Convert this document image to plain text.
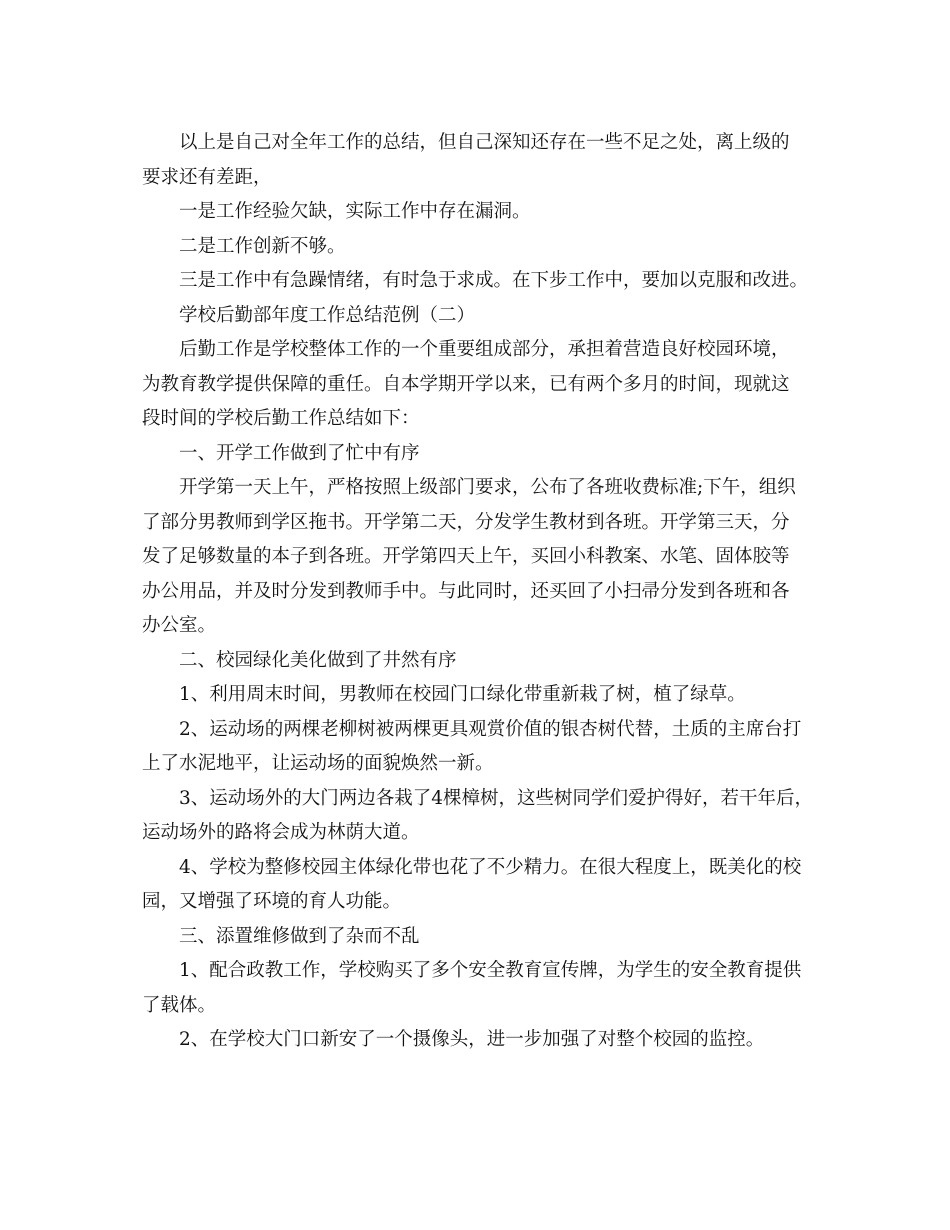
以上是自己对全年工作的总结，但自己深知还存在一些不足之处，离上级的
要求还有差距，
一是工作经验欠缺，实际工作中存在漏洞。
二是工作创新不够。
三是工作中有急躁情绪，有时急于求成。在下步工作中，要加以克服和改进。
学校后勤部年度工作总结范例（二）
后勤工作是学校整体工作的一个重要组成部分，承担着营造良好校园环境，
为教育教学提供保障的重任。自本学期开学以来，已有两个多月的时间，现就这
段时间的学校后勤工作总结如下：
一、开学工作做到了忙中有序
开学第一天上午，严格按照上级部门要求，公布了各班收费标准;下午，组织
了部分男教师到学区拖书。开学第二天，分发学生教材到各班。开学第三天，分
发了足够数量的本子到各班。开学第四天上午，买回小科教案、水笔、固体胶等
办公用品，并及时分发到教师手中。与此同时，还买回了小扫帚分发到各班和各
办公室。
二、校园绿化美化做到了井然有序
1、利用周末时间，男教师在校园门口绿化带重新栽了树，植了绿草。
2、运动场的两棵老柳树被两棵更具观赏价值的银杏树代替，土质的主席台打
上了水泥地平，让运动场的面貌焕然一新。
3、运动场外的大门两边各栽了4棵樟树，这些树同学们爱护得好，若干年后，
运动场外的路将会成为林荫大道。
4、学校为整修校园主体绿化带也花了不少精力。在很大程度上，既美化的校
园，又增强了环境的育人功能。
三、添置维修做到了杂而不乱
1、配合政教工作，学校购买了多个安全教育宣传牌，为学生的安全教育提供
了载体。
2、在学校大门口新安了一个摄像头，进一步加强了对整个校园的监控。
